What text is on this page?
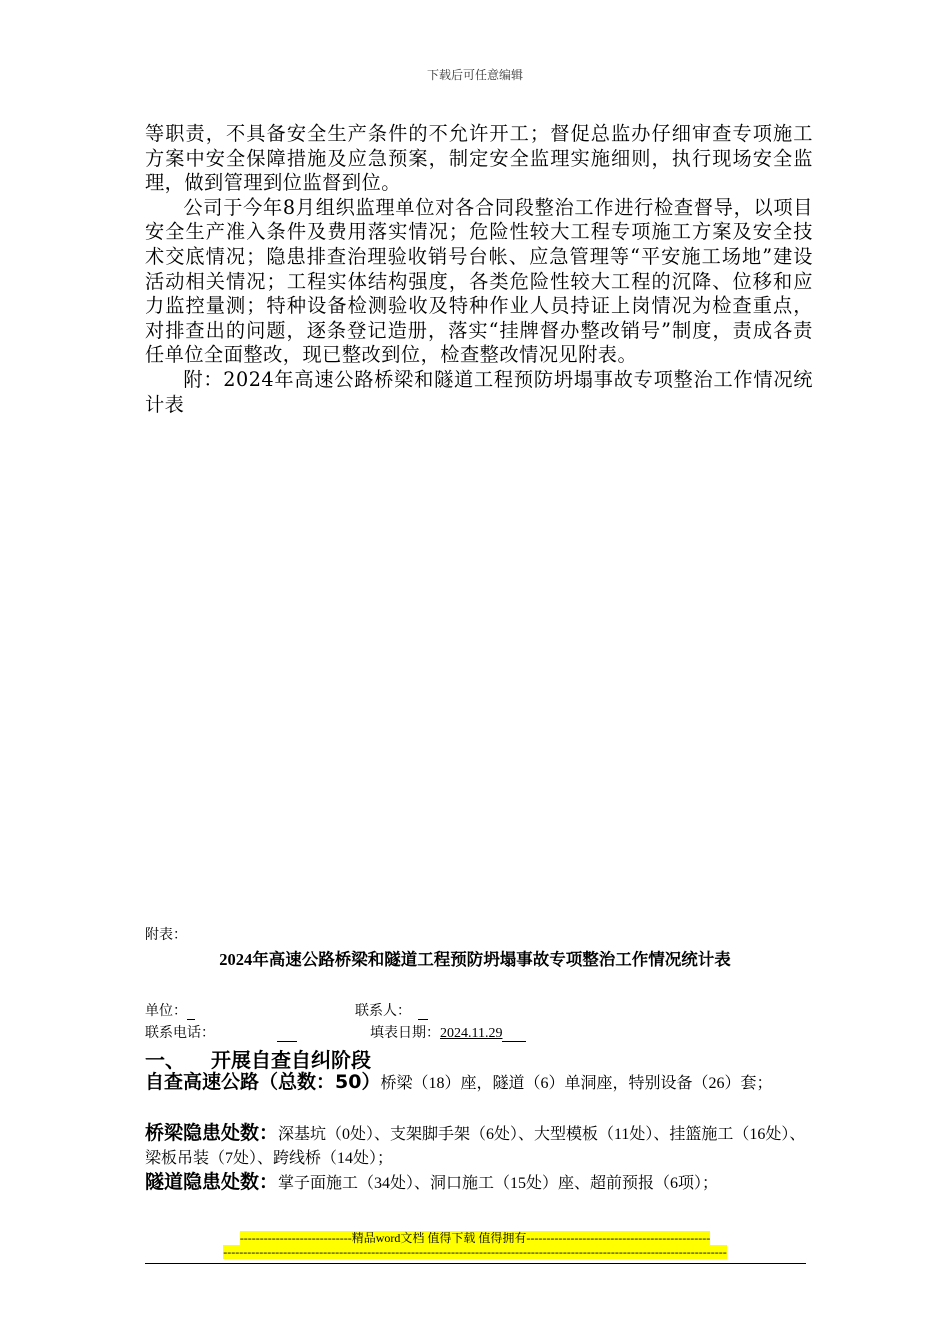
下载后可任意编辑

等职责，不具备安全生产条件的不允许开工；督促总监办仔细审查专项施工方案中安全保障措施及应急预案，制定安全监理实施细则，执行现场安全监理，做到管理到位监督到位。

公司于今年8月组织监理单位对各合同段整治工作进行检查督导，以项目安全生产准入条件及费用落实情况；危险性较大工程专项施工方案及安全技术交底情况；隐患排查治理验收销号台帐、应急管理等“平安施工场地”建设活动相关情况；工程实体结构强度，各类危险性较大工程的沉降、位移和应力监控量测；特种设备检测验收及特种作业人员持证上岗情况为检查重点，对排查出的问题，逐条登记造册，落实“挂牌督办整改销号”制度，责成各责任单位全面整改，现已整改到位，检查整改情况见附表。

附：2024年高速公路桥梁和隧道工程预防坍塌事故专项整治工作情况统计表

附表：
2024年高速公路桥梁和隧道工程预防坍塌事故专项整治工作情况统计表
单位：	联系人：
联系电话：	填表日期：2024.11.29
一、 开展自查自纠阶段
自查高速公路（总数：50）桥梁（18）座，隧道（6）单洞座，特别设备（26）套；
桥梁隐患处数：深基坑（0处）、支架脚手架（6处）、大型模板（11处）、挂篮施工（16处）、梁板吊装（7处）、跨线桥（14处）；
隧道隐患处数：掌子面施工（34处）、洞口施工（15处）座、超前预报（6项）；
----------------------------精品word文档 值得下载 值得拥有----------------------------------------------
------------------------------------------------------------------------------------------------------------------------------
